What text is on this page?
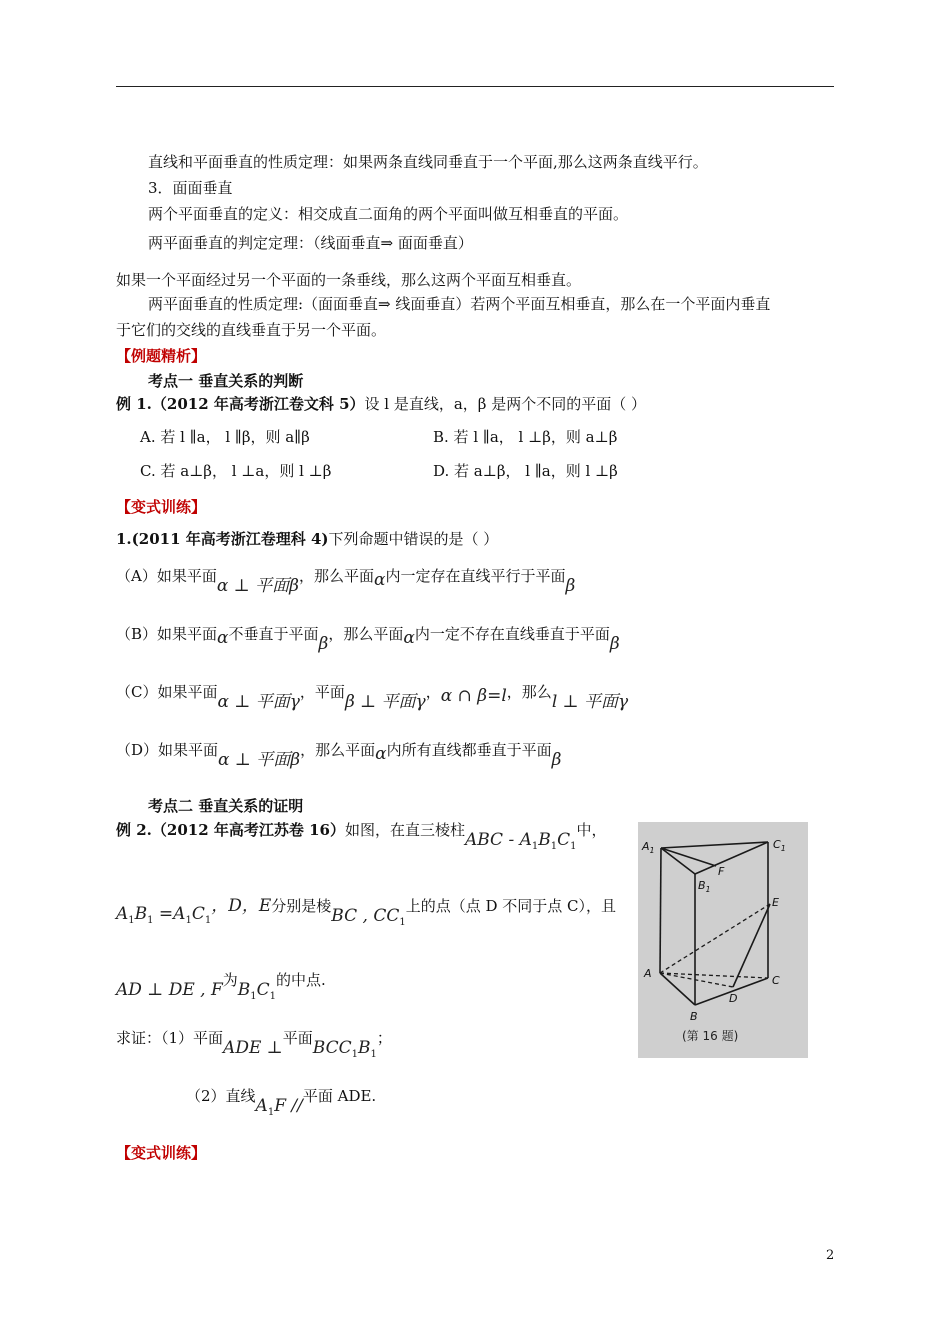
直线和平面垂直的性质定理：如果两条直线同垂直于一个平面,那么这两条直线平行。
3．面面垂直
两个平面垂直的定义：相交成直二面角的两个平面叫做互相垂直的平面。
两平面垂直的判定定理：（线面垂直⇒ 面面垂直）
如果一个平面经过另一个平面的一条垂线，那么这两个平面互相垂直。
两平面垂直的性质定理:（面面垂直⇒ 线面垂直）若两个平面互相垂直，那么在一个平面内垂直
于它们的交线的直线垂直于另一个平面。
【例题精析】
考点一 垂直关系的判断
例 1.（2012 年高考浙江卷文科 5）设 l 是直线，a，β 是两个不同的平面（ ）
A. 若 l ∥a， l ∥β，则 a∥β	B. 若 l ∥a， l ⊥β，则 a⊥β
C. 若 a⊥β， l ⊥a，则 l ⊥β	D. 若 a⊥β， l ∥a，则 l ⊥β
【变式训练】
1.(2011 年高考浙江卷理科 4)下列命题中错误的是（ ）
（A）如果平面α ⊥ 平面β，那么平面α内一定存在直线平行于平面β
（B）如果平面α不垂直于平面β，那么平面α内一定不存在直线垂直于平面β
（C）如果平面α ⊥ 平面γ，平面β ⊥ 平面γ，α ∩ β=l，那么l ⊥ 平面γ
（D）如果平面α ⊥ 平面β，那么平面α内所有直线都垂直于平面β
考点二 垂直关系的证明
例 2.（2012 年高考江苏卷 16）如图，在直三棱柱ABC - $A_1B_1C_1$中，
$A_1B_1 =A_1C_1$，D，E分别是棱BC , $CC_1$上的点（点 D 不同于点 C），且
AD ⊥ DE , F为$B_1C_1$的中点.
求证：（1）平面ADE ⊥平面$BCC_1B_1$；
（2）直线$A_1F$ //平面 ADE.
【变式训练】
$A_1$	$C_1$
$B_1$
F
E
A
C
D
B
(第 16 题)
2
